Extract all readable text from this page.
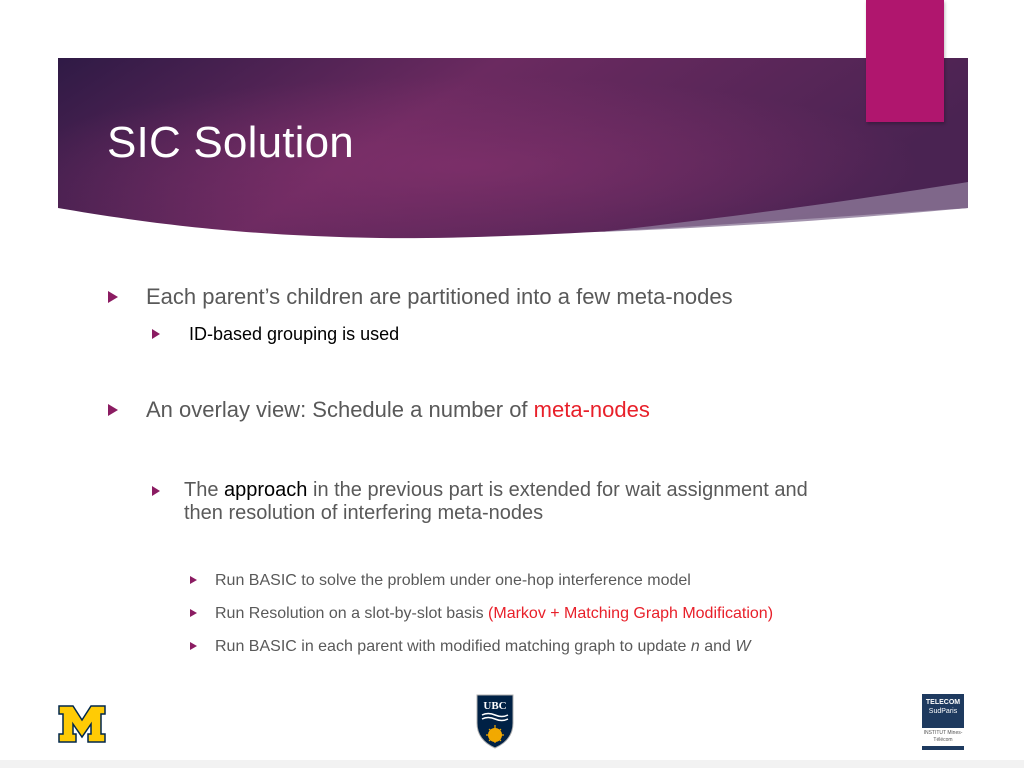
SIC Solution
Each parent’s children are partitioned into a few meta-nodes
ID-based grouping is used
An overlay view: Schedule a number of meta-nodes
The approach in the previous part is extended for wait assignment and
then resolution of interfering meta-nodes
Run BASIC to solve the problem under one-hop interference model
Run Resolution on a slot-by-slot basis (Markov + Matching Graph Modification)
Run BASIC in each parent with modified matching graph to update n and W
UBC	TELECOM
SudParis
INSTITUT Mines-Télécom
